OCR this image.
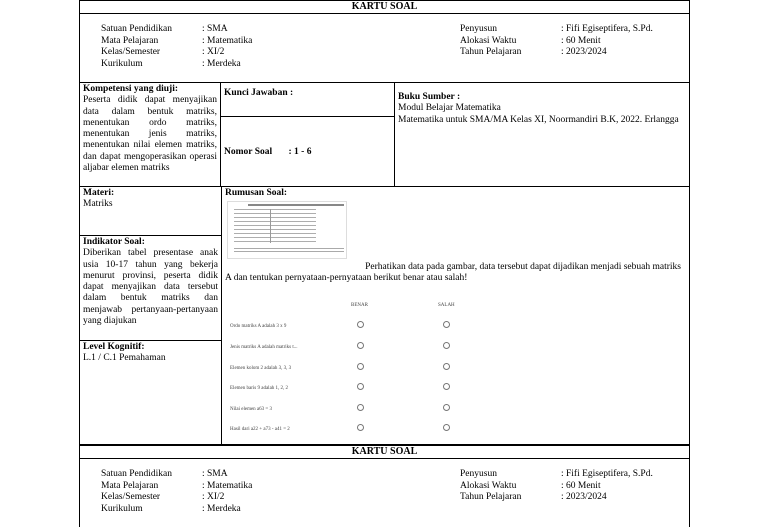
KARTU SOAL
Satuan Pendidikan
Mata Pelajaran
Kelas/Semester
Kurikulum
: SMA
: Matematika
: XI/2
: Merdeka
Penyusun
Alokasi Waktu
Tahun Pelajaran
: Fifi Egiseptifera, S.Pd.
: 60 Menit
: 2023/2024
Kompetensi yang diuji:
Peserta didik dapat menyajikan data dalam bentuk matriks, menentukan ordo matriks, menentukan jenis matriks, menentukan nilai elemen matriks, dan dapat mengoperasikan operasi aljabar elemen matriks
Kunci Jawaban :
Nomor Soal : 1 - 6
Buku Sumber :
Modul Belajar Matematika
Matematika untuk SMA/MA Kelas XI, Noormandiri B.K, 2022. Erlangga
Materi:
Matriks
Indikator Soal:
Diberikan tabel presentase anak usia 10-17 tahun yang bekerja menurut provinsi, peserta didik dapat menyajikan data tersebut dalam bentuk matriks dan menjawab pertanyaan-pertanyaan yang diajukan
Level Kognitif:
L.1 / C.1 Pemahaman
Rumusan Soal:
Perhatikan data pada gambar, data tersebut dapat dijadikan menjadi sebuah matriks
A dan tentukan pernyataan-pernyataan berikut benar atau salah!
BENAR	SALAH
Ordo matriks A adalah 3 x 9
Jenis matriks A adalah matriks t...
Elemen kolom 2 adalah 3, 3, 3
Elemen baris 9 adalah 1, 2, 2
Nilai elemen a63 = 3
Hasil dari a22 + a73 - a41 = 2
KARTU SOAL
Satuan Pendidikan
Mata Pelajaran
Kelas/Semester
Kurikulum
: SMA
: Matematika
: XI/2
: Merdeka
Penyusun
Alokasi Waktu
Tahun Pelajaran
: Fifi Egiseptifera, S.Pd.
: 60 Menit
: 2023/2024
